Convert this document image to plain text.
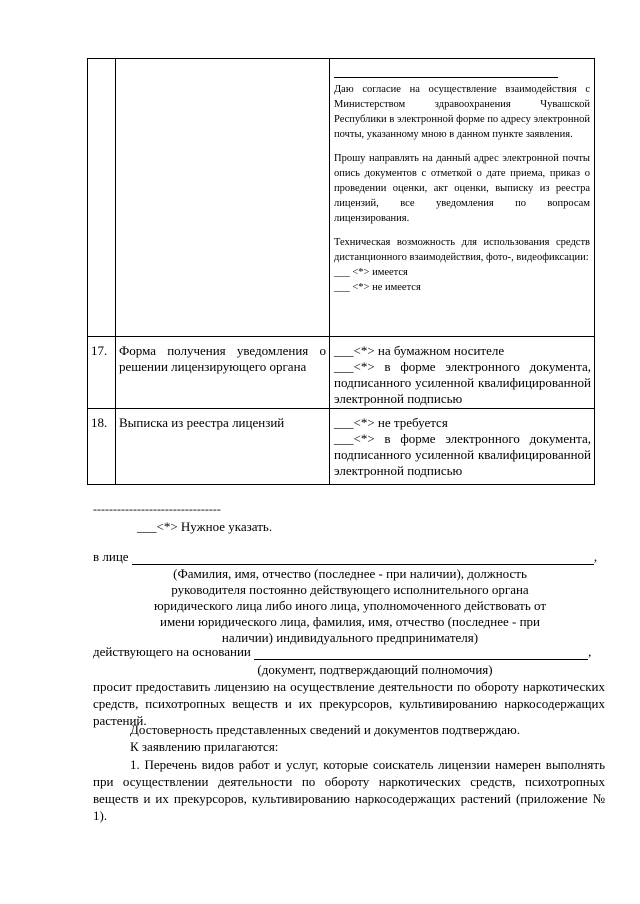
		Даю согласие на осуществление взаимодействия с Министерством здравоохранения Чувашской Республики в электронной форме по адресу электронной почты, указанному мною в данном пункте заявления.

Прошу направлять на данный адрес электронной почты опись документов с отметкой о дате приема, приказ о проведении оценки, акт оценки, выписку из реестра лицензий, все уведомления по вопросам лицензирования.

Техническая возможность для использования средств дистанционного взаимодействия, фото-, видеофиксации:

___ <*> имеется
___ <*> не имеется

17.	Форма получения уведомления о решении лицензирующего органа	___<*> на бумажном носителе
___<*> в форме электронного документа, подписанного усиленной квалифицированной электронной подписью

18.	Выписка из реестра лицензий	___<*> не требуется
___<*> в форме электронного документа, подписанного усиленной квалифицированной электронной подписью
--------------------------------
___<*> Нужное указать.
в лице	,
(Фамилия, имя, отчество (последнее - при наличии), должность руководителя постоянно действующего исполнительного органа юридического лица либо иного лица, уполномоченного действовать от имени юридического лица, фамилия, имя, отчество (последнее - при наличии) индивидуального предпринимателя)
действующего на основании	,
(документ, подтверждающий полномочия)
просит предоставить лицензию на осуществление деятельности по обороту наркотических средств, психотропных веществ и их прекурсоров, культивированию наркосодержащих растений.
Достоверность представленных сведений и документов подтверждаю.
К заявлению прилагаются:
1. Перечень видов работ и услуг, которые соискатель лицензии намерен выполнять при осуществлении деятельности по обороту наркотических средств, психотропных веществ и их прекурсоров, культивированию наркосодержащих растений (приложение № 1).
